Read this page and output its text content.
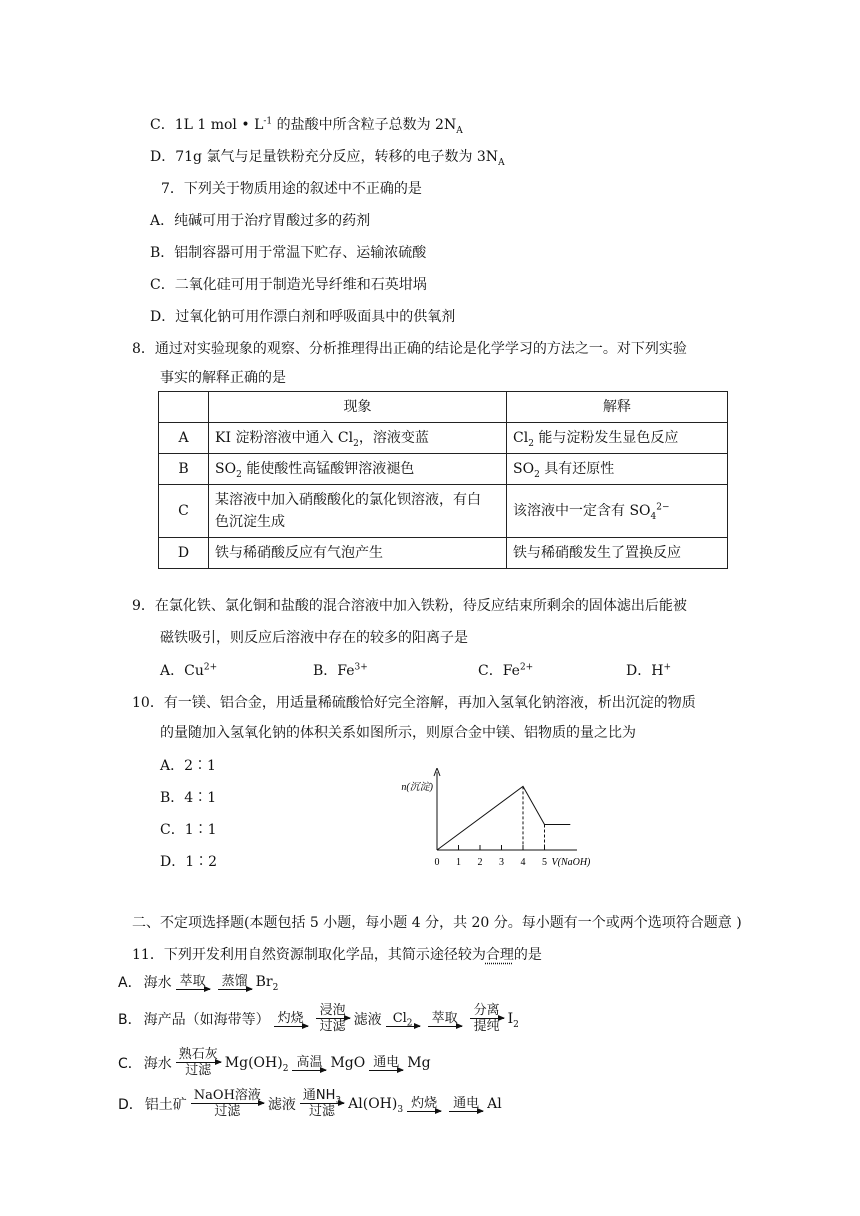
C．1L 1 mol • $L^{-1}$ 的盐酸中所含粒子总数为 $2N_A$
D．71g 氯气与足量铁粉充分反应，转移的电子数为 $3N_A$
7．下列关于物质用途的叙述中不正确的是
A．纯碱可用于治疗胃酸过多的药剂
B．铝制容器可用于常温下贮存、运输浓硫酸
C．二氧化硅可用于制造光导纤维和石英坩埚
D．过氧化钠可用作漂白剂和呼吸面具中的供氧剂
8．通过对实验现象的观察、分析推理得出正确的结论是化学学习的方法之一。对下列实验
事实的解释正确的是
	现象	解释
A	KI 淀粉溶液中通入 $Cl_2$，溶液变蓝	$Cl_2$ 能与淀粉发生显色反应
B	$SO_2$ 能使酸性高锰酸钾溶液褪色	$SO_2$ 具有还原性
C	某溶液中加入硝酸酸化的氯化钡溶液，有白
色沉淀生成	该溶液中一定含有 $SO_4^{2-}$
D	铁与稀硝酸反应有气泡产生	铁与稀硝酸发生了置换反应
9．在氯化铁、氯化铜和盐酸的混合溶液中加入铁粉，待反应结束所剩余的固体滤出后能被
磁铁吸引，则反应后溶液中存在的较多的阳离子是
A．$Cu^{2+}$	B．$Fe^{3+}$	C．$Fe^{2+}$	D．H+
10．有一镁、铝合金，用适量稀硫酸恰好完全溶解，再加入氢氧化钠溶液，析出沉淀的物质
的量随加入氢氧化钠的体积关系如图所示，则原合金中镁、铝物质的量之比为
A．2∶1
B．4∶1
C．1∶1
D．1∶2	0 1 2 3 4 5
n(沉淀)
V(NaOH)
二、不定项选择题(本题包括 5 小题，每小题 4 分，共 20 分。每小题有一个或两个选项符合题意 )
11．下列开发利用自然资源制取化学品，其简示途径较为合理的是
A． 海水 萃取 蒸馏 $Br_2$
B． 海产品（如海带等） 灼烧 浸泡
过滤 滤液 $Cl_2$ 萃取 分离
提纯 $I_2$
C． 海水
熟石灰
过滤 $Mg(OH)_2$ 高温 MgO 通电 Mg
D． 铝土矿
NaOH溶液
过滤 滤液
通$NH_3$
过滤 $Al(OH)_3$ 灼烧 通电 Al
